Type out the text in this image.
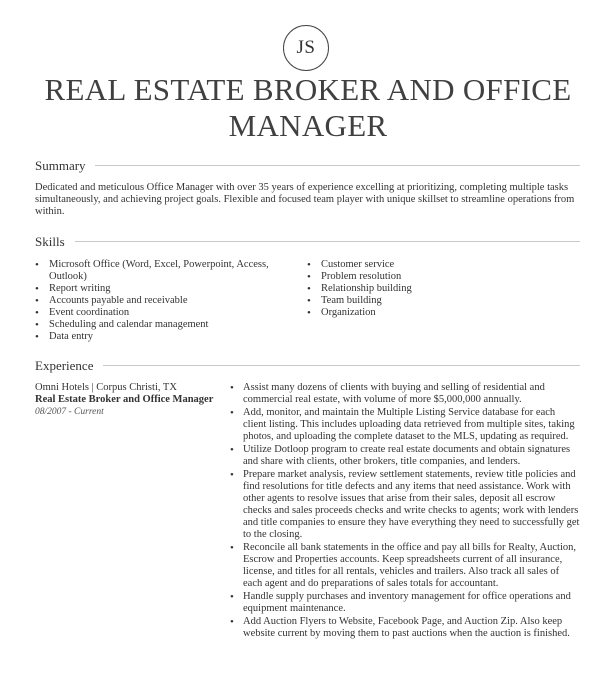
JS
REAL ESTATE BROKER AND OFFICE
MANAGER
Summary
Dedicated and meticulous Office Manager with over 35 years of experience excelling at prioritizing, completing multiple tasks simultaneously, and achieving project goals. Flexible and focused team player with unique skillset to streamline operations from within.
Skills
• Microsoft Office (Word, Excel, Powerpoint, Access, Outlook)
• Report writing
• Accounts payable and receivable
• Event coordination
• Scheduling and calendar management
• Data entry
• Customer service
• Problem resolution
• Relationship building
• Team building
• Organization
Experience
Omni Hotels | Corpus Christi, TX
Real Estate Broker and Office Manager
08/2007 - Current
• Assist many dozens of clients with buying and selling of residential and commercial real estate, with volume of more $5,000,000 annually.
• Add, monitor, and maintain the Multiple Listing Service database for each client listing. This includes uploading data retrieved from multiple sites, taking photos, and uploading the complete dataset to the MLS, updating as required.
• Utilize Dotloop program to create real estate documents and obtain signatures and share with clients, other brokers, title companies, and lenders.
• Prepare market analysis, review settlement statements, review title policies and find resolutions for title defects and any items that need assistance. Work with other agents to resolve issues that arise from their sales, deposit all escrow checks and sales proceeds checks and write checks to agents; work with lenders and title companies to ensure they have everything they need to successfully get to the closing.
• Reconcile all bank statements in the office and pay all bills for Realty, Auction, Escrow and Properties accounts. Keep spreadsheets current of all insurance, license, and titles for all rentals, vehicles and trailers. Also track all sales of each agent and do preparations of sales totals for accountant.
• Handle supply purchases and inventory management for office operations and equipment maintenance.
• Add Auction Flyers to Website, Facebook Page, and Auction Zip. Also keep website current by moving them to past auctions when the auction is finished.
